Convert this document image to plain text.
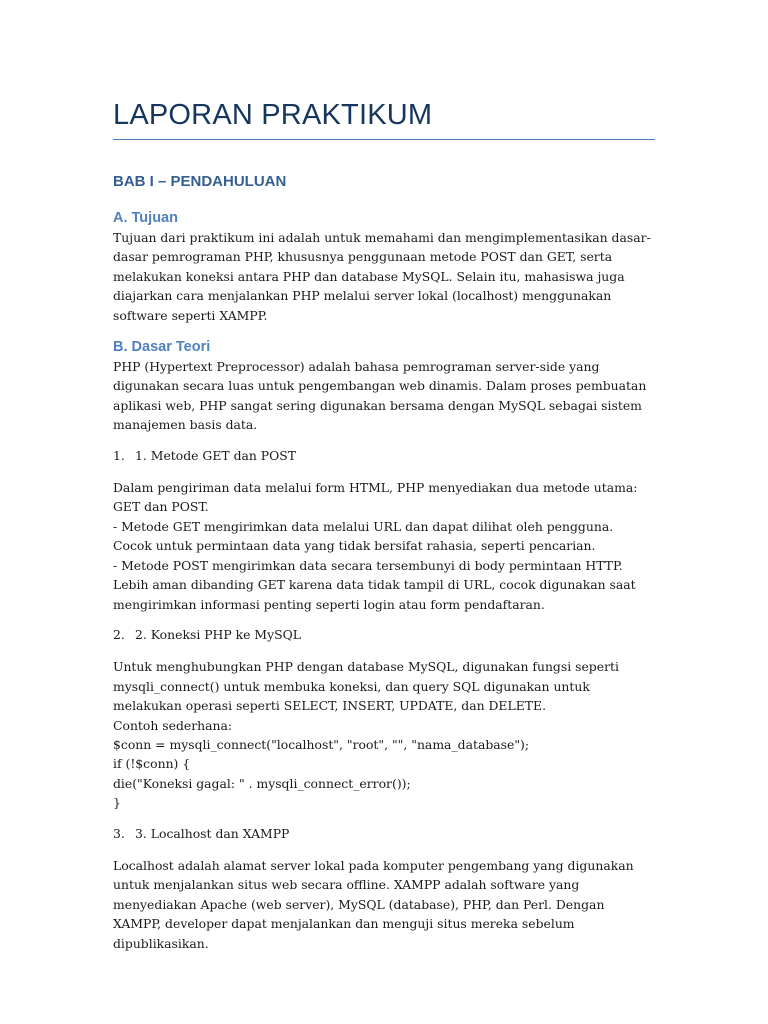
LAPORAN PRAKTIKUM
BAB I – PENDAHULUAN
A. Tujuan

Tujuan dari praktikum ini adalah untuk memahami dan mengimplementasikan dasar-dasar pemrograman PHP, khususnya penggunaan metode POST dan GET, serta melakukan koneksi antara PHP dan database MySQL. Selain itu, mahasiswa juga diajarkan cara menjalankan PHP melalui server lokal (localhost) menggunakan software seperti XAMPP.

B. Dasar Teori

PHP (Hypertext Preprocessor) adalah bahasa pemrograman server-side yang digunakan secara luas untuk pengembangan web dinamis. Dalam proses pembuatan aplikasi web, PHP sangat sering digunakan bersama dengan MySQL sebagai sistem manajemen basis data.

1. 1. Metode GET dan POST

Dalam pengiriman data melalui form HTML, PHP menyediakan dua metode utama: GET dan POST.
- Metode GET mengirimkan data melalui URL dan dapat dilihat oleh pengguna. Cocok untuk permintaan data yang tidak bersifat rahasia, seperti pencarian.
- Metode POST mengirimkan data secara tersembunyi di body permintaan HTTP. Lebih aman dibanding GET karena data tidak tampil di URL, cocok digunakan saat mengirimkan informasi penting seperti login atau form pendaftaran.

2. 2. Koneksi PHP ke MySQL

Untuk menghubungkan PHP dengan database MySQL, digunakan fungsi seperti mysqli_connect() untuk membuka koneksi, dan query SQL digunakan untuk melakukan operasi seperti SELECT, INSERT, UPDATE, dan DELETE.
Contoh sederhana:
$conn = mysqli_connect("localhost", "root", "", "nama_database");
if (!$conn) {
die("Koneksi gagal: " . mysqli_connect_error());
}

3. 3. Localhost dan XAMPP

Localhost adalah alamat server lokal pada komputer pengembang yang digunakan untuk menjalankan situs web secara offline. XAMPP adalah software yang menyediakan Apache (web server), MySQL (database), PHP, dan Perl. Dengan XAMPP, developer dapat menjalankan dan menguji situs mereka sebelum dipublikasikan.
